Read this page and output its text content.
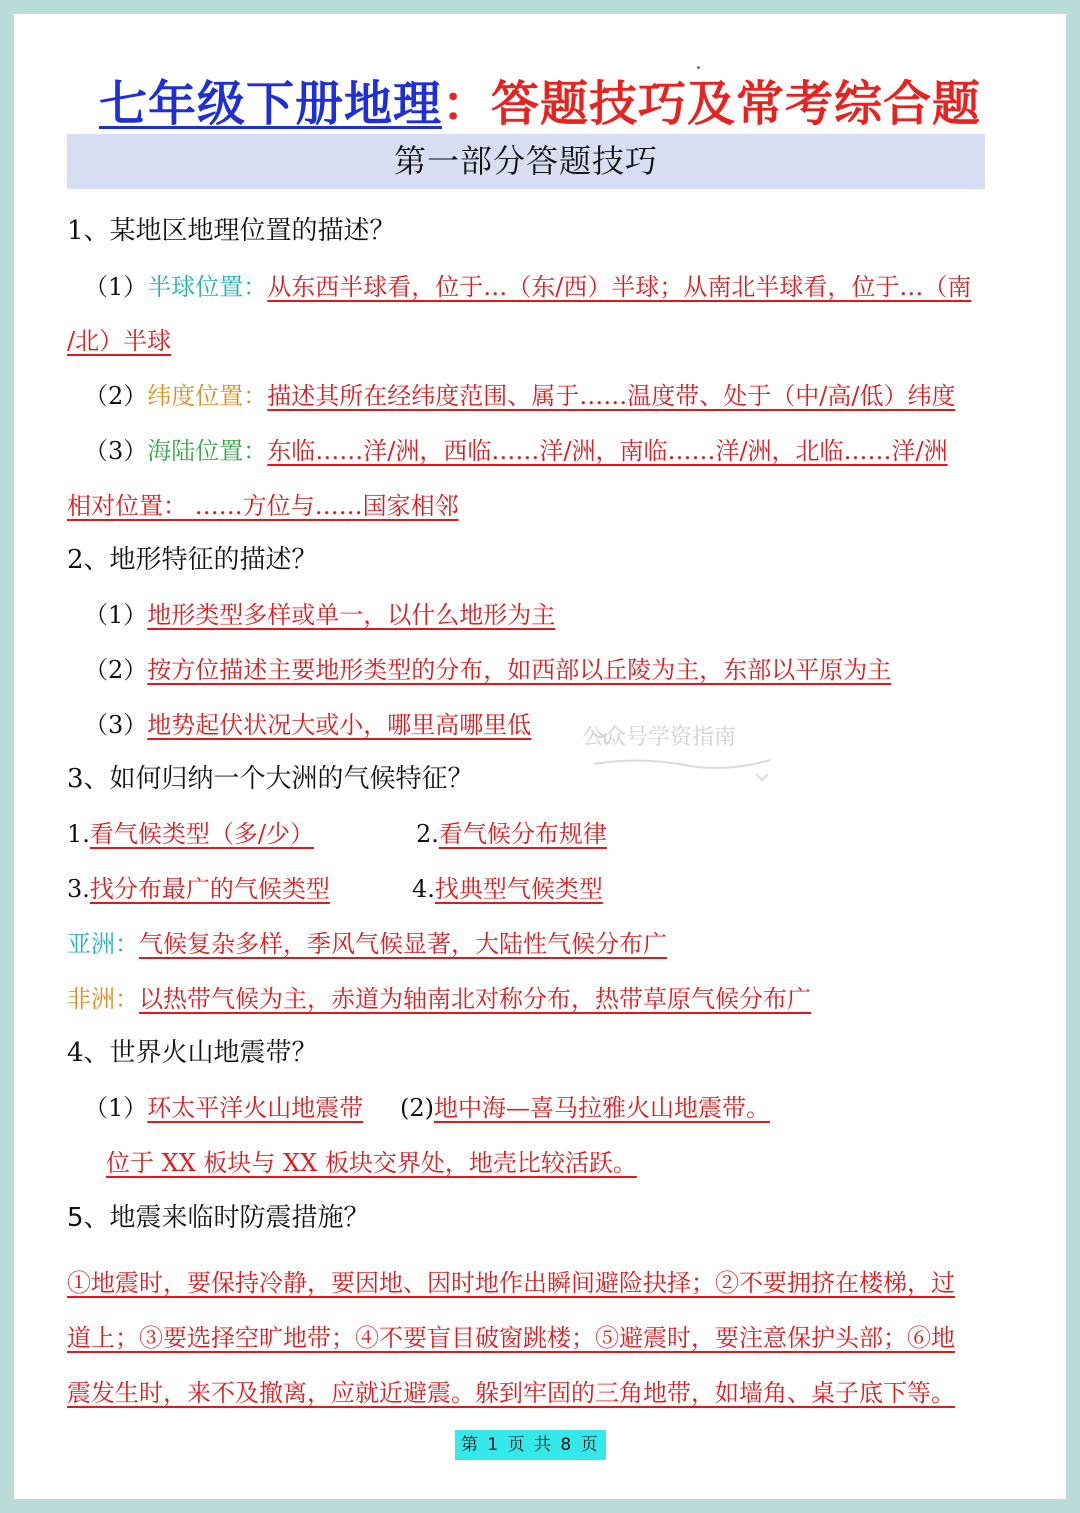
七年级下册地理：答题技巧及常考综合题
第一部分答题技巧
1、某地区地理位置的描述？
（1）半球位置：从东西半球看，位于…（东/西）半球；从南北半球看，位于…（南
/北）半球
（2）纬度位置：描述其所在经纬度范围、属于……温度带、处于（中/高/低）纬度
（3）海陆位置：东临……洋/洲，西临……洋/洲，南临……洋/洲，北临……洋/洲
相对位置： ……方位与……国家相邻
2、地形特征的描述？
（1）地形类型多样或单一，以什么地形为主
（2）按方位描述主要地形类型的分布，如西部以丘陵为主，东部以平原为主
（3）地势起伏状况大或小，哪里高哪里低 公众号学资指南
3、如何归纳一个大洲的气候特征？
1.看气候类型（多/少）	2.看气候分布规律
3.找分布最广的气候类型	4.找典型气候类型
亚洲：气候复杂多样，季风气候显著，大陆性气候分布广
非洲：以热带气候为主，赤道为轴南北对称分布，热带草原气候分布广
4、世界火山地震带？
（1）环太平洋火山地震带 (2)地中海—喜马拉雅火山地震带。
位于 XX 板块与 XX 板块交界处，地壳比较活跃。
5、地震来临时防震措施？
①地震时，要保持冷静，要因地、因时地作出瞬间避险抉择；②不要拥挤在楼梯，过
道上；③要选择空旷地带；④不要盲目破窗跳楼；⑤避震时，要注意保护头部；⑥地
震发生时，来不及撤离，应就近避震。躲到牢固的三角地带，如墙角、桌子底下等。
第 1 页 共 8 页
